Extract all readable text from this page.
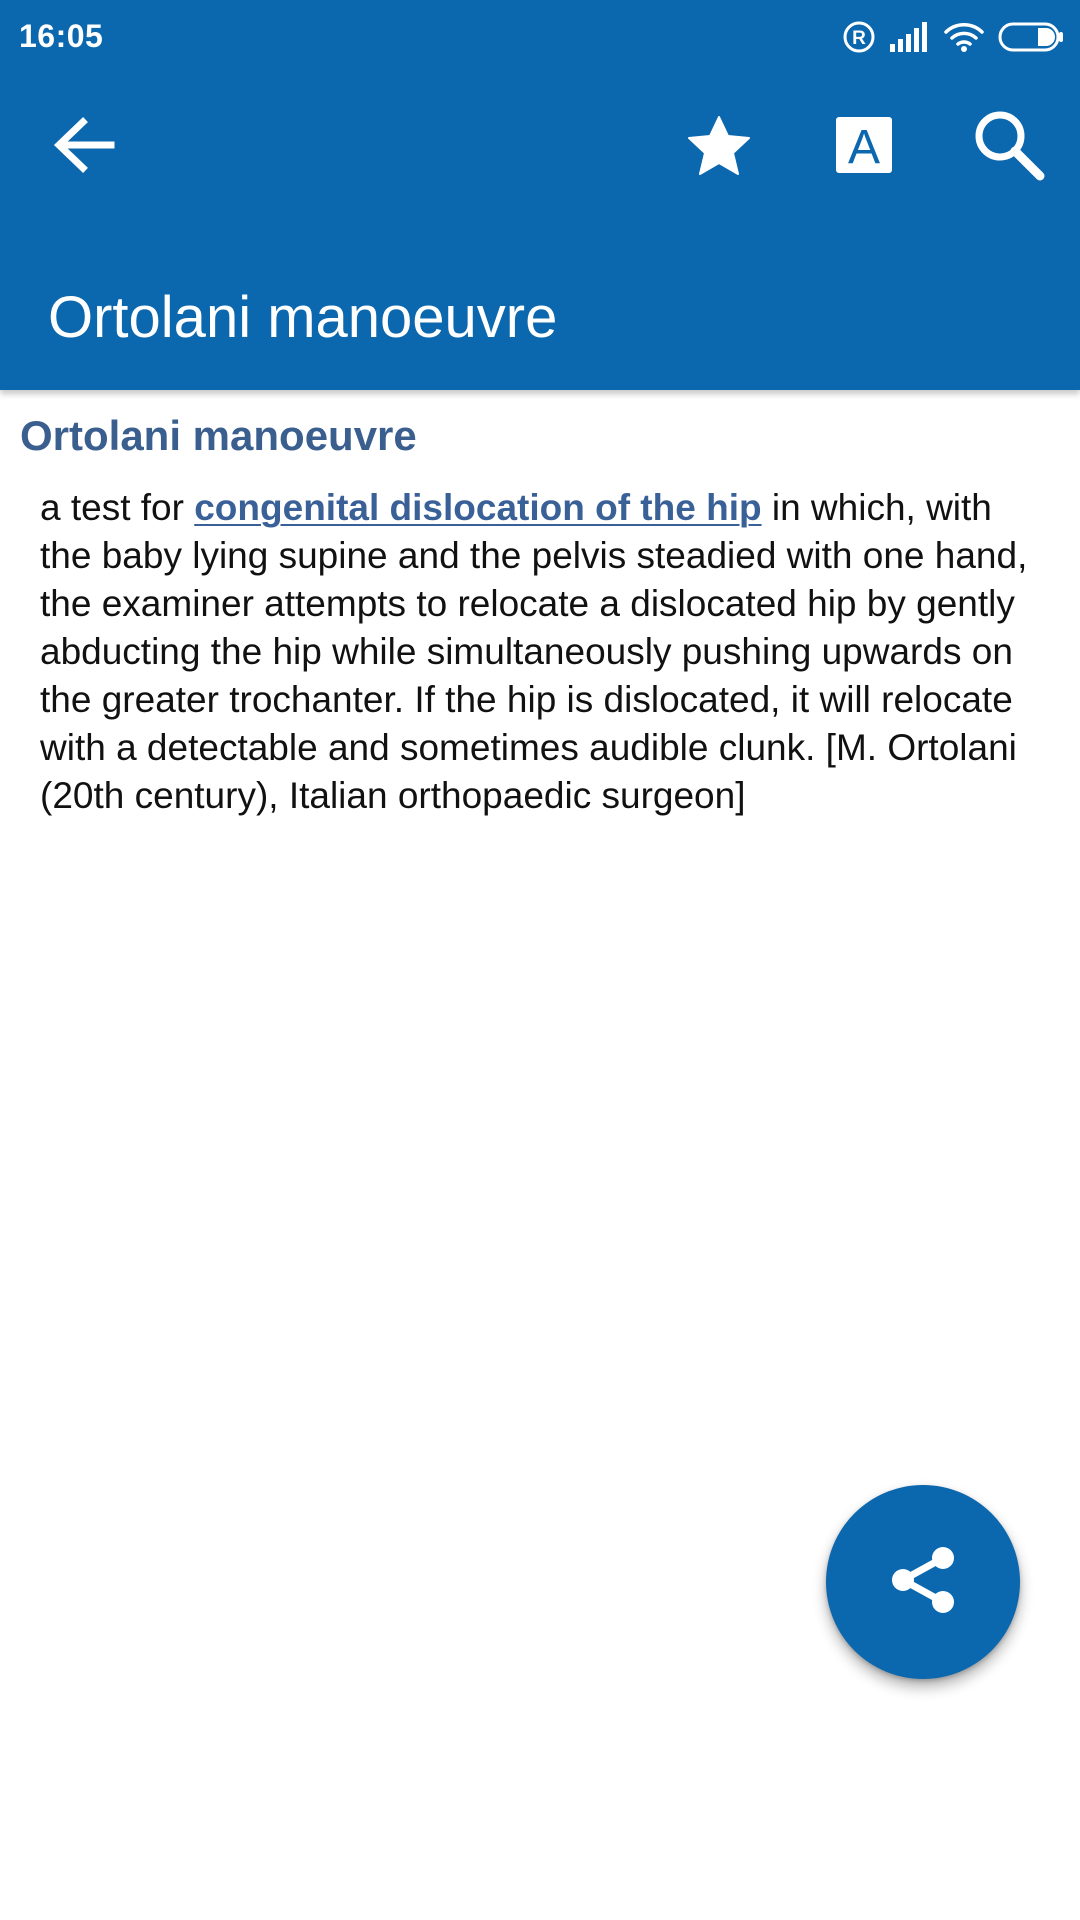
16:05	R
A
Ortolani manoeuvre
Ortolani manoeuvre
a test for congenital dislocation of the hip in which, with the baby lying supine and the pelvis steadied with one hand, the examiner attempts to relocate a dislocated hip by gently abducting the hip while simultaneously pushing upwards on the greater trochanter. If the hip is dislocated, it will relocate with a detectable and sometimes audible clunk. [M. Ortolani (20th century), Italian orthopaedic surgeon]
